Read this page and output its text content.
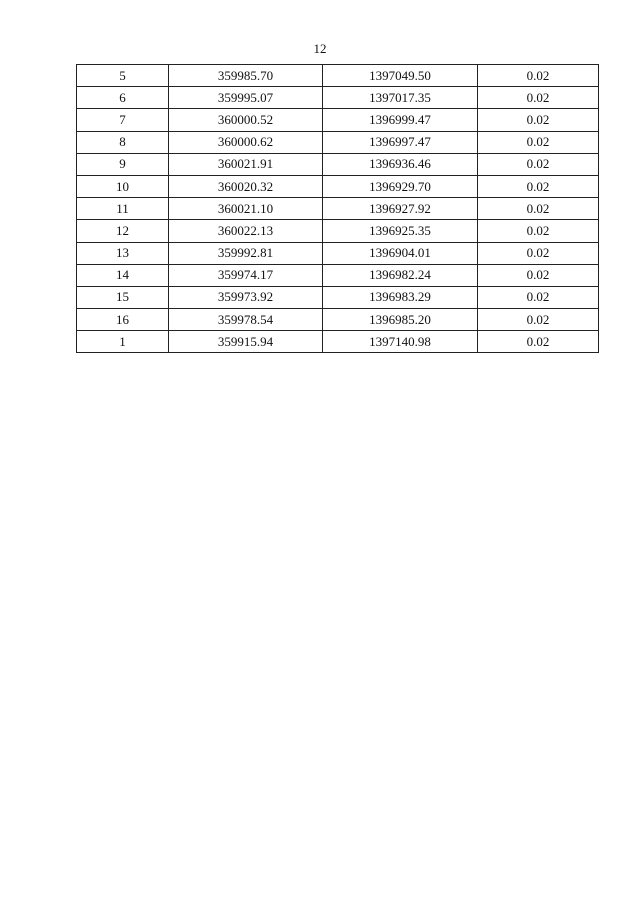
12
5	359985.70	1397049.50	0.02
6	359995.07	1397017.35	0.02
7	360000.52	1396999.47	0.02
8	360000.62	1396997.47	0.02
9	360021.91	1396936.46	0.02
10	360020.32	1396929.70	0.02
11	360021.10	1396927.92	0.02
12	360022.13	1396925.35	0.02
13	359992.81	1396904.01	0.02
14	359974.17	1396982.24	0.02
15	359973.92	1396983.29	0.02
16	359978.54	1396985.20	0.02
1	359915.94	1397140.98	0.02
